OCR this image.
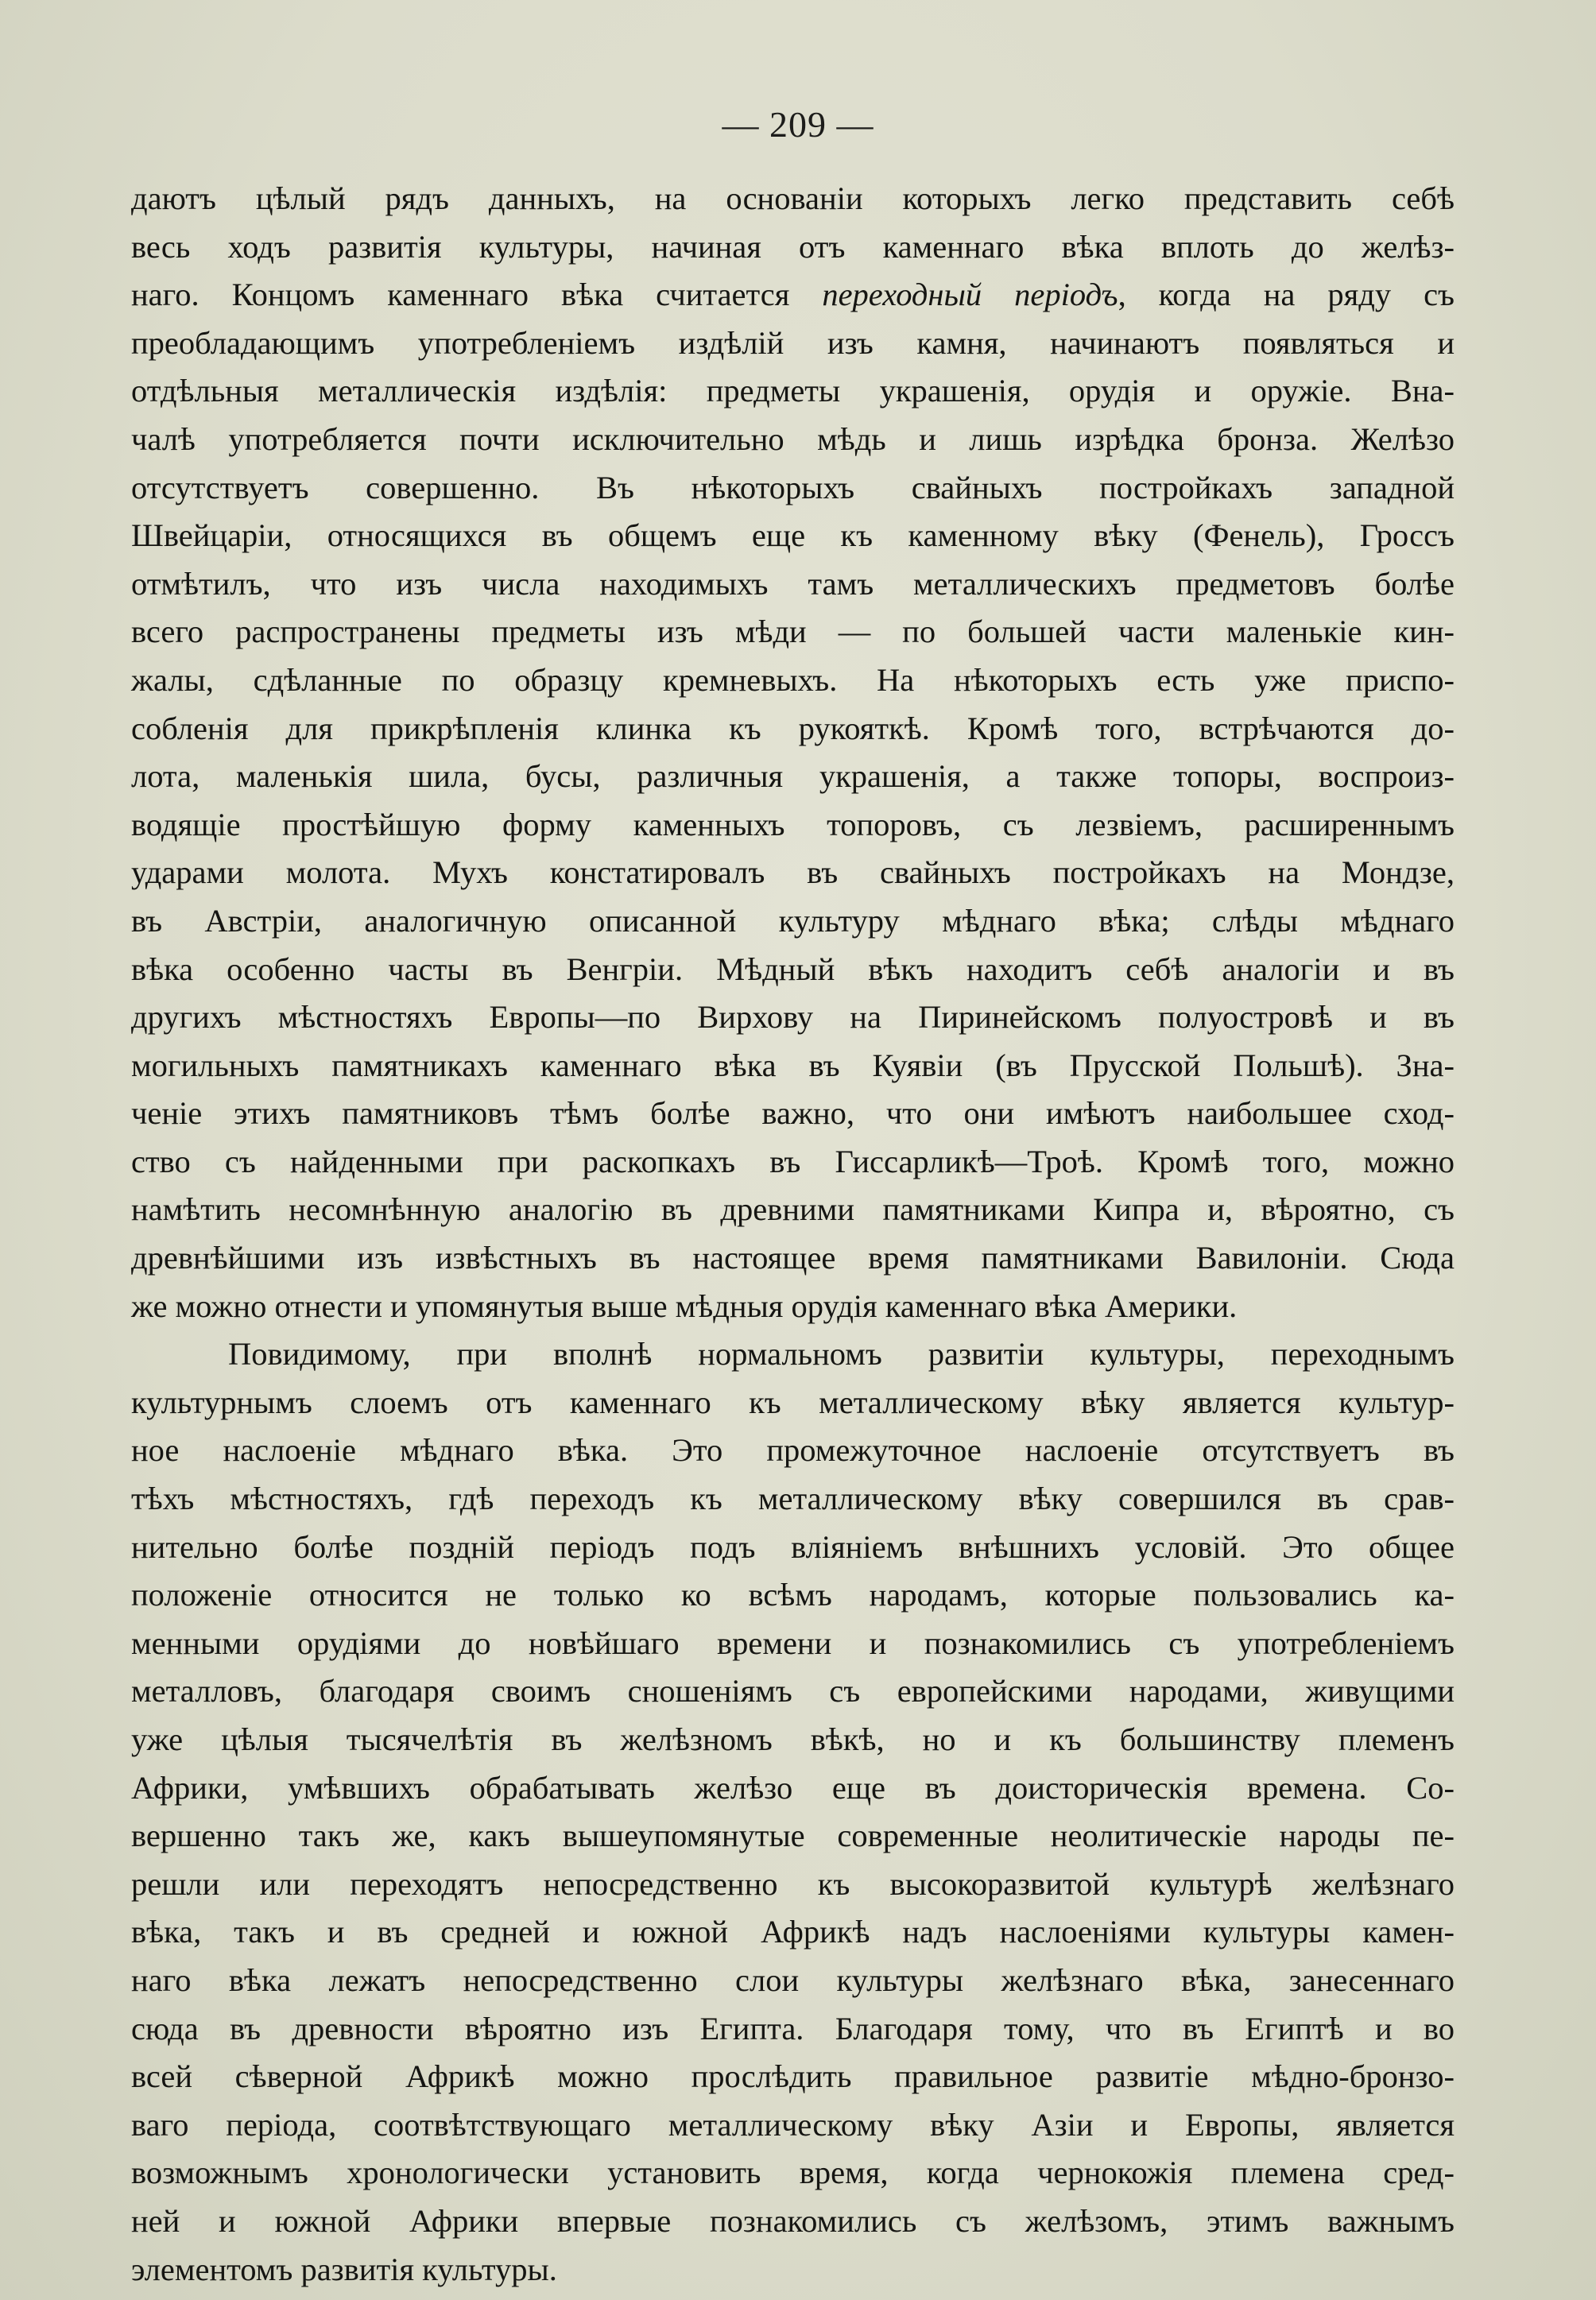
— 209 —
даютъ цѣлый рядъ данныхъ, на основаніи которыхъ легко представить себѣ
весь ходъ развитія культуры, начиная отъ каменнаго вѣка вплоть до желѣз-
наго. Концомъ каменнаго вѣка считается переходный періодъ, когда на ряду съ
преобладающимъ употребленіемъ издѣлій изъ камня, начинаютъ появляться и
отдѣльныя металлическія издѣлія: предметы украшенія, орудія и оружіе. Вна-
чалѣ употребляется почти исключительно мѣдь и лишь изрѣдка бронза. Желѣзо
отсутствуетъ совершенно. Въ нѣкоторыхъ свайныхъ постройкахъ западной
Швейцаріи, относящихся въ общемъ еще къ каменному вѣку (Фенель), Гроссъ
отмѣтилъ, что изъ числа находимыхъ тамъ металлическихъ предметовъ болѣе
всего распространены предметы изъ мѣди — по большей части маленькіе кин-
жалы, сдѣланные по образцу кремневыхъ. На нѣкоторыхъ есть уже приспо-
собленія для прикрѣпленія клинка къ рукояткѣ. Кромѣ того, встрѣчаются до-
лота, маленькія шила, бусы, различныя украшенія, а также топоры, воспроиз-
водящіе простѣйшую форму каменныхъ топоровъ, съ лезвіемъ, расширеннымъ
ударами молота. Мухъ констатировалъ въ свайныхъ постройкахъ на Мондзе,
въ Австріи, аналогичную описанной культуру мѣднаго вѣка; слѣды мѣднаго
вѣка особенно часты въ Венгріи. Мѣдный вѣкъ находитъ себѣ аналогіи и въ
другихъ мѣстностяхъ Европы—по Вирхову на Пиринейскомъ полуостровѣ и въ
могильныхъ памятникахъ каменнаго вѣка въ Куявіи (въ Прусской Польшѣ). Зна-
ченіе этихъ памятниковъ тѣмъ болѣе важно, что они имѣютъ наибольшее сход-
ство съ найденными при раскопкахъ въ Гиссарликѣ—Троѣ. Кромѣ того, можно
намѣтить несомнѣнную аналогію въ древними памятниками Кипра и, вѣроятно, съ
древнѣйшими изъ извѣстныхъ въ настоящее время памятниками Вавилоніи. Сюда
же можно отнести и упомянутыя выше мѣдныя орудія каменнаго вѣка Америки.
Повидимому, при вполнѣ нормальномъ развитіи культуры, переходнымъ
культурнымъ слоемъ отъ каменнаго къ металлическому вѣку является культур-
ное наслоеніе мѣднаго вѣка. Это промежуточное наслоеніе отсутствуетъ въ
тѣхъ мѣстностяхъ, гдѣ переходъ къ металлическому вѣку совершился въ срав-
нительно болѣе поздній періодъ подъ вліяніемъ внѣшнихъ условій. Это общее
положеніе относится не только ко всѣмъ народамъ, которые пользовались ка-
менными орудіями до новѣйшаго времени и познакомились съ употребленіемъ
металловъ, благодаря своимъ сношеніямъ съ европейскими народами, живущими
уже цѣлыя тысячелѣтія въ желѣзномъ вѣкѣ, но и къ большинству племенъ
Африки, умѣвшихъ обрабатывать желѣзо еще въ доисторическія времена. Со-
вершенно такъ же, какъ вышеупомянутые современные неолитическіе народы пе-
решли или переходятъ непосредственно къ высокоразвитой культурѣ желѣзнаго
вѣка, такъ и въ средней и южной Африкѣ надъ наслоеніями культуры камен-
наго вѣка лежатъ непосредственно слои культуры желѣзнаго вѣка, занесеннаго
сюда въ древности вѣроятно изъ Египта. Благодаря тому, что въ Египтѣ и во
всей сѣверной Африкѣ можно прослѣдить правильное развитіе мѣдно-бронзо-
ваго періода, соотвѣтствующаго металлическому вѣку Азіи и Европы, является
возможнымъ хронологически установить время, когда чернокожія племена сред-
ней и южной Африки впервые познакомились съ желѣзомъ, этимъ важнымъ
элементомъ развитія культуры.
